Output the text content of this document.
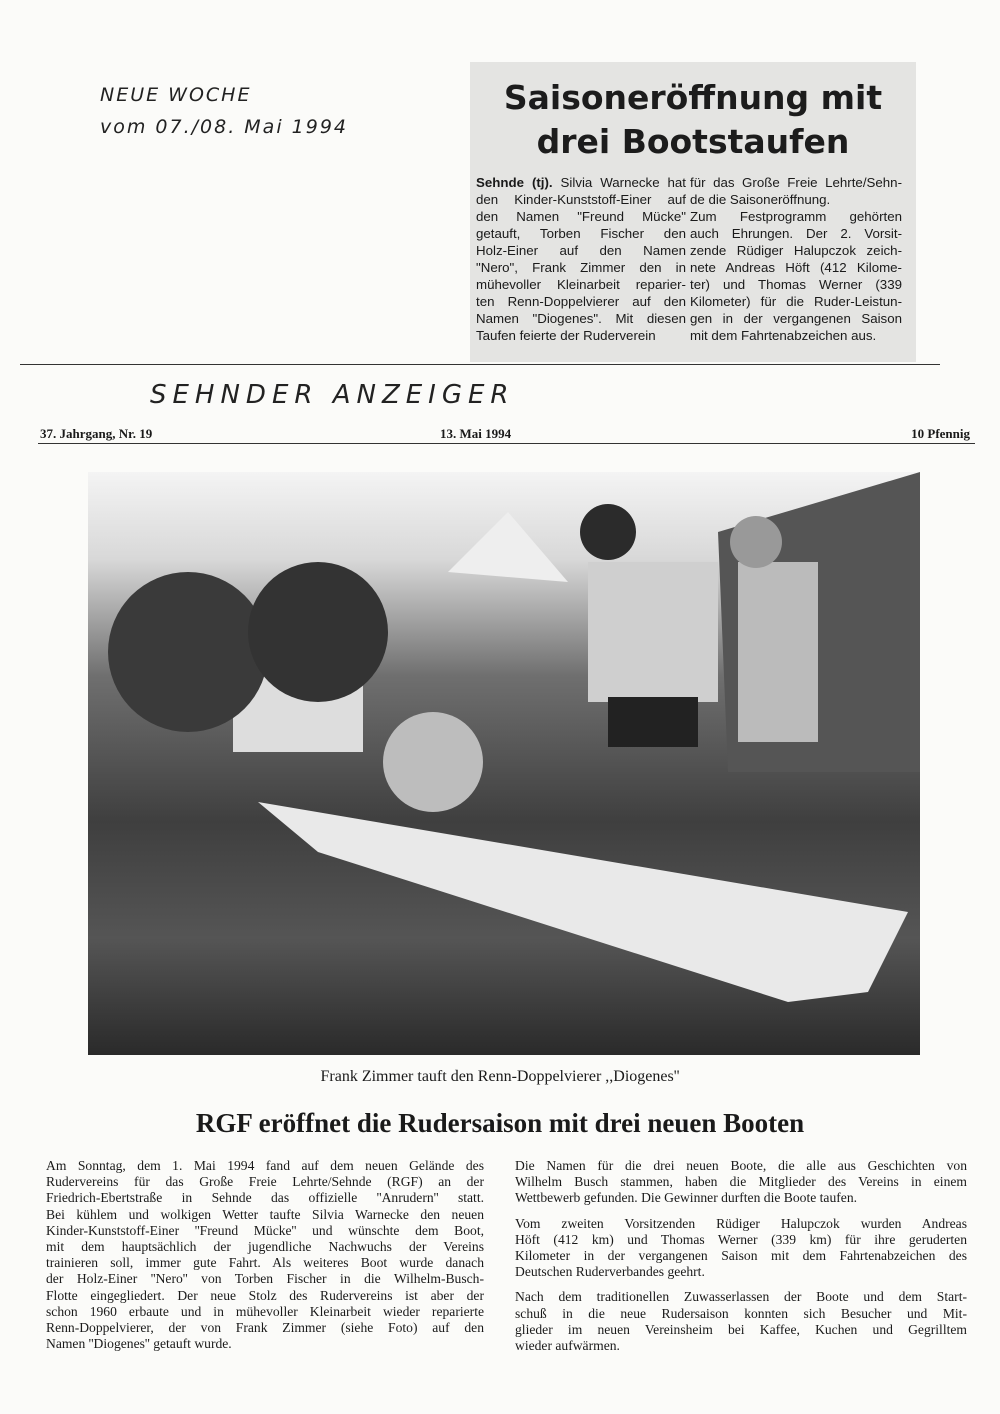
NEUE WOCHE
vom 07./08. Mai 1994
Saisoneröffnung mit
drei Bootstaufen
Sehnde (tj). Silvia Warnecke hat
den Kinder-Kunststoff-Einer auf
den Namen "Freund Mücke"
getauft, Torben Fischer den
Holz-Einer auf den Namen
"Nero", Frank Zimmer den in
mühevoller Kleinarbeit reparier-
ten Renn-Doppelvierer auf den
Namen "Diogenes". Mit diesen
Taufen feierte der Ruderverein
für das Große Freie Lehrte/Sehn-
de die Saisoneröffnung.
Zum Festprogramm gehörten
auch Ehrungen. Der 2. Vorsit-
zende Rüdiger Halupczok zeich-
nete Andreas Höft (412 Kilome-
ter) und Thomas Werner (339
Kilometer) für die Ruder-Leistun-
gen in der vergangenen Saison
mit dem Fahrtenabzeichen aus.
SEHNDER ANZEIGER
37. Jahrgang, Nr. 19	13. Mai 1994	10 Pfennig
Frank Zimmer tauft den Renn-Doppelvierer ,,Diogenes''
RGF eröffnet die Rudersaison mit drei neuen Booten
Am Sonntag, dem 1. Mai 1994 fand auf dem neuen Gelände des
Rudervereins für das Große Freie Lehrte/Sehnde (RGF) an der
Friedrich-Ebertstraße in Sehnde das offizielle ''Anrudern'' statt.
Bei kühlem und wolkigen Wetter taufte Silvia Warnecke den neuen
Kinder-Kunststoff-Einer ''Freund Mücke'' und wünschte dem Boot,
mit dem hauptsächlich der jugendliche Nachwuchs der Vereins
trainieren soll, immer gute Fahrt. Als weiteres Boot wurde danach
der Holz-Einer ''Nero'' von Torben Fischer in die Wilhelm-Busch-
Flotte eingegliedert. Der neue Stolz des Rudervereins ist aber der
schon 1960 erbaute und in mühevoller Kleinarbeit wieder reparierte
Renn-Doppelvierer, der von Frank Zimmer (siehe Foto) auf den
Namen ''Diogenes'' getauft wurde.
Die Namen für die drei neuen Boote, die alle aus Geschichten von
Wilhelm Busch stammen, haben die Mitglieder des Vereins in einem
Wettbewerb gefunden. Die Gewinner durften die Boote taufen.
Vom zweiten Vorsitzenden Rüdiger Halupczok wurden Andreas
Höft (412 km) und Thomas Werner (339 km) für ihre geruderten
Kilometer in der vergangenen Saison mit dem Fahrtenabzeichen des
Deutschen Ruderverbandes geehrt.
Nach dem traditionellen Zuwasserlassen der Boote und dem Start-
schuß in die neue Rudersaison konnten sich Besucher und Mit-
glieder im neuen Vereinsheim bei Kaffee, Kuchen und Gegrilltem
wieder aufwärmen.
